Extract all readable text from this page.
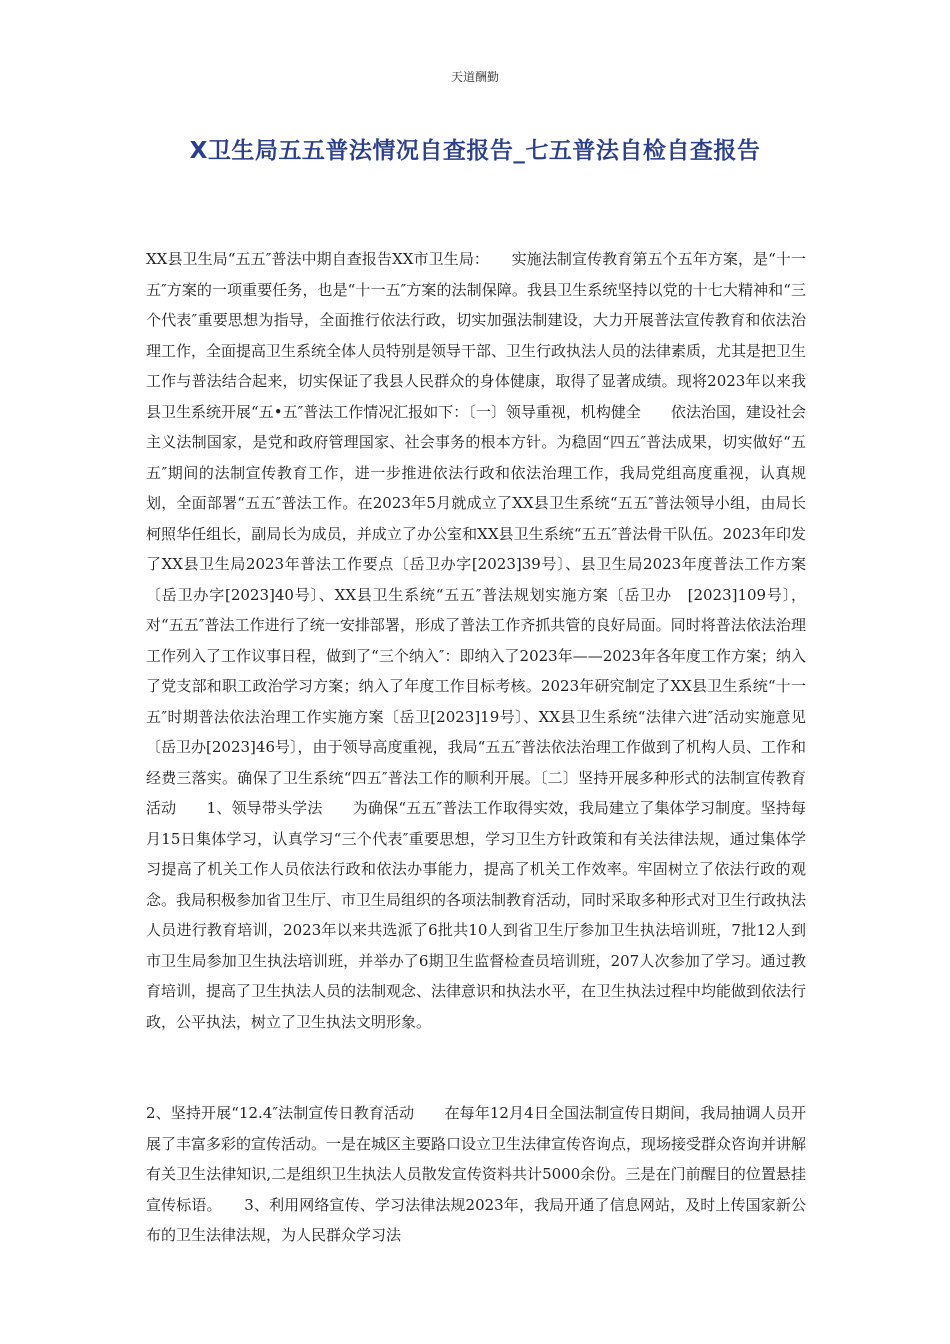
天道酬勤
X卫生局五五普法情况自查报告_七五普法自检自查报告

XX县卫生局“五五″普法中期自查报告XX市卫生局：　　实施法制宣传教育第五个五年方案，是“十一五″方案的一项重要任务，也是“十一五″方案的法制保障。我县卫生系统坚持以党的十七大精神和“三个代表″重要思想为指导，全面推行依法行政，切实加强法制建设，大力开展普法宣传教育和依法治理工作，全面提高卫生系统全体人员特别是领导干部、卫生行政执法人员的法律素质，尤其是把卫生工作与普法结合起来，切实保证了我县人民群众的身体健康，取得了显著成绩。现将2023年以来我县卫生系统开展“五•五″普法工作情况汇报如下：〔一〕领导重视，机构健全　　依法治国，建设社会主义法制国家，是党和政府管理国家、社会事务的根本方针。为稳固“四五″普法成果，切实做好“五五″期间的法制宣传教育工作，进一步推进依法行政和依法治理工作，我局党组高度重视，认真规划，全面部署“五五″普法工作。在2023年5月就成立了XX县卫生系统“五五″普法领导小组，由局长柯照华任组长，副局长为成员，并成立了办公室和XX县卫生系统“五五″普法骨干队伍。2023年印发了XX县卫生局2023年普法工作要点〔岳卫办字[2023]39号〕、县卫生局2023年度普法工作方案〔岳卫办字[2023]40号〕、XX县卫生系统“五五″普法规划实施方案〔岳卫办　[2023]109号〕，对“五五″普法工作进行了统一安排部署，形成了普法工作齐抓共管的良好局面。同时将普法依法治理工作列入了工作议事日程，做到了“三个纳入″：即纳入了2023年——2023年各年度工作方案；纳入了党支部和职工政治学习方案；纳入了年度工作目标考核。2023年研究制定了XX县卫生系统“十一五″时期普法依法治理工作实施方案〔岳卫[2023]19号〕、XX县卫生系统“法律六进″活动实施意见〔岳卫办[2023]46号〕，由于领导高度重视，我局“五五″普法依法治理工作做到了机构人员、工作和经费三落实。确保了卫生系统“四五″普法工作的顺利开展。〔二〕坚持开展多种形式的法制宣传教育活动　　1、领导带头学法　　为确保“五五″普法工作取得实效，我局建立了集体学习制度。坚持每月15日集体学习，认真学习“三个代表″重要思想，学习卫生方针政策和有关法律法规，通过集体学习提高了机关工作人员依法行政和依法办事能力，提高了机关工作效率。牢固树立了依法行政的观念。我局积极参加省卫生厅、市卫生局组织的各项法制教育活动，同时采取多种形式对卫生行政执法人员进行教育培训，2023年以来共选派了6批共10人到省卫生厅参加卫生执法培训班，7批12人到市卫生局参加卫生执法培训班，并举办了6期卫生监督检查员培训班，207人次参加了学习。通过教育培训，提高了卫生执法人员的法制观念、法律意识和执法水平，在卫生执法过程中均能做到依法行政，公平执法，树立了卫生执法文明形象。

2、坚持开展“12.4″法制宣传日教育活动　　在每年12月4日全国法制宣传日期间，我局抽调人员开展了丰富多彩的宣传活动。一是在城区主要路口设立卫生法律宣传咨询点，现场接受群众咨询并讲解有关卫生法律知识,二是组织卫生执法人员散发宣传资料共计5000余份。三是在门前醒目的位置悬挂宣传标语。　　3、利用网络宣传、学习法律法规2023年，我局开通了信息网站，及时上传国家新公布的卫生法律法规，为人民群众学习法
